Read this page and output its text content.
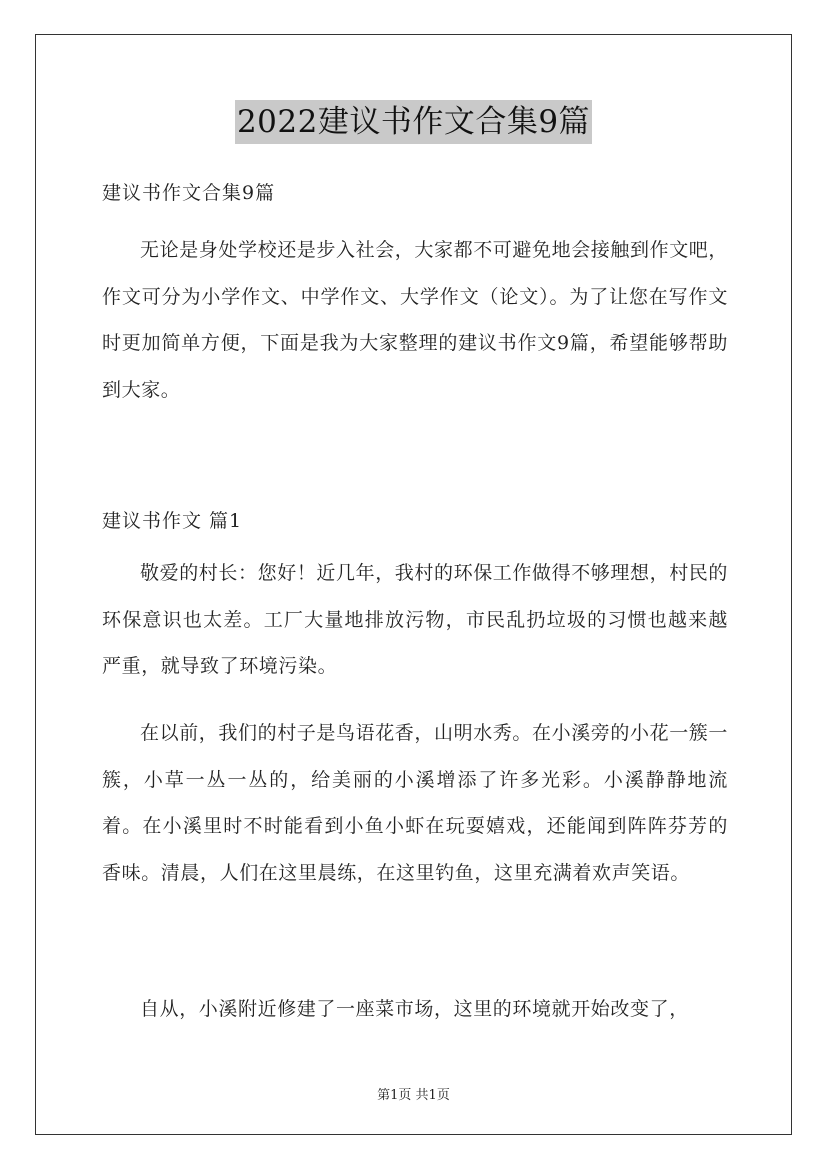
2022建议书作文合集9篇
建议书作文合集9篇

无论是身处学校还是步入社会，大家都不可避免地会接触到作文吧，作文可分为小学作文、中学作文、大学作文（论文）。为了让您在写作文时更加简单方便，下面是我为大家整理的建议书作文9篇，希望能够帮助到大家。

建议书作文 篇1

敬爱的村长：您好！近几年，我村的环保工作做得不够理想，村民的环保意识也太差。工厂大量地排放污物，市民乱扔垃圾的习惯也越来越严重，就导致了环境污染。

在以前，我们的村子是鸟语花香，山明水秀。在小溪旁的小花一簇一簇，小草一丛一丛的，给美丽的小溪增添了许多光彩。小溪静静地流着。在小溪里时不时能看到小鱼小虾在玩耍嬉戏，还能闻到阵阵芬芳的香味。清晨，人们在这里晨练，在这里钓鱼，这里充满着欢声笑语。

自从，小溪附近修建了一座菜市场，这里的环境就开始改变了，

第1页 共1页
